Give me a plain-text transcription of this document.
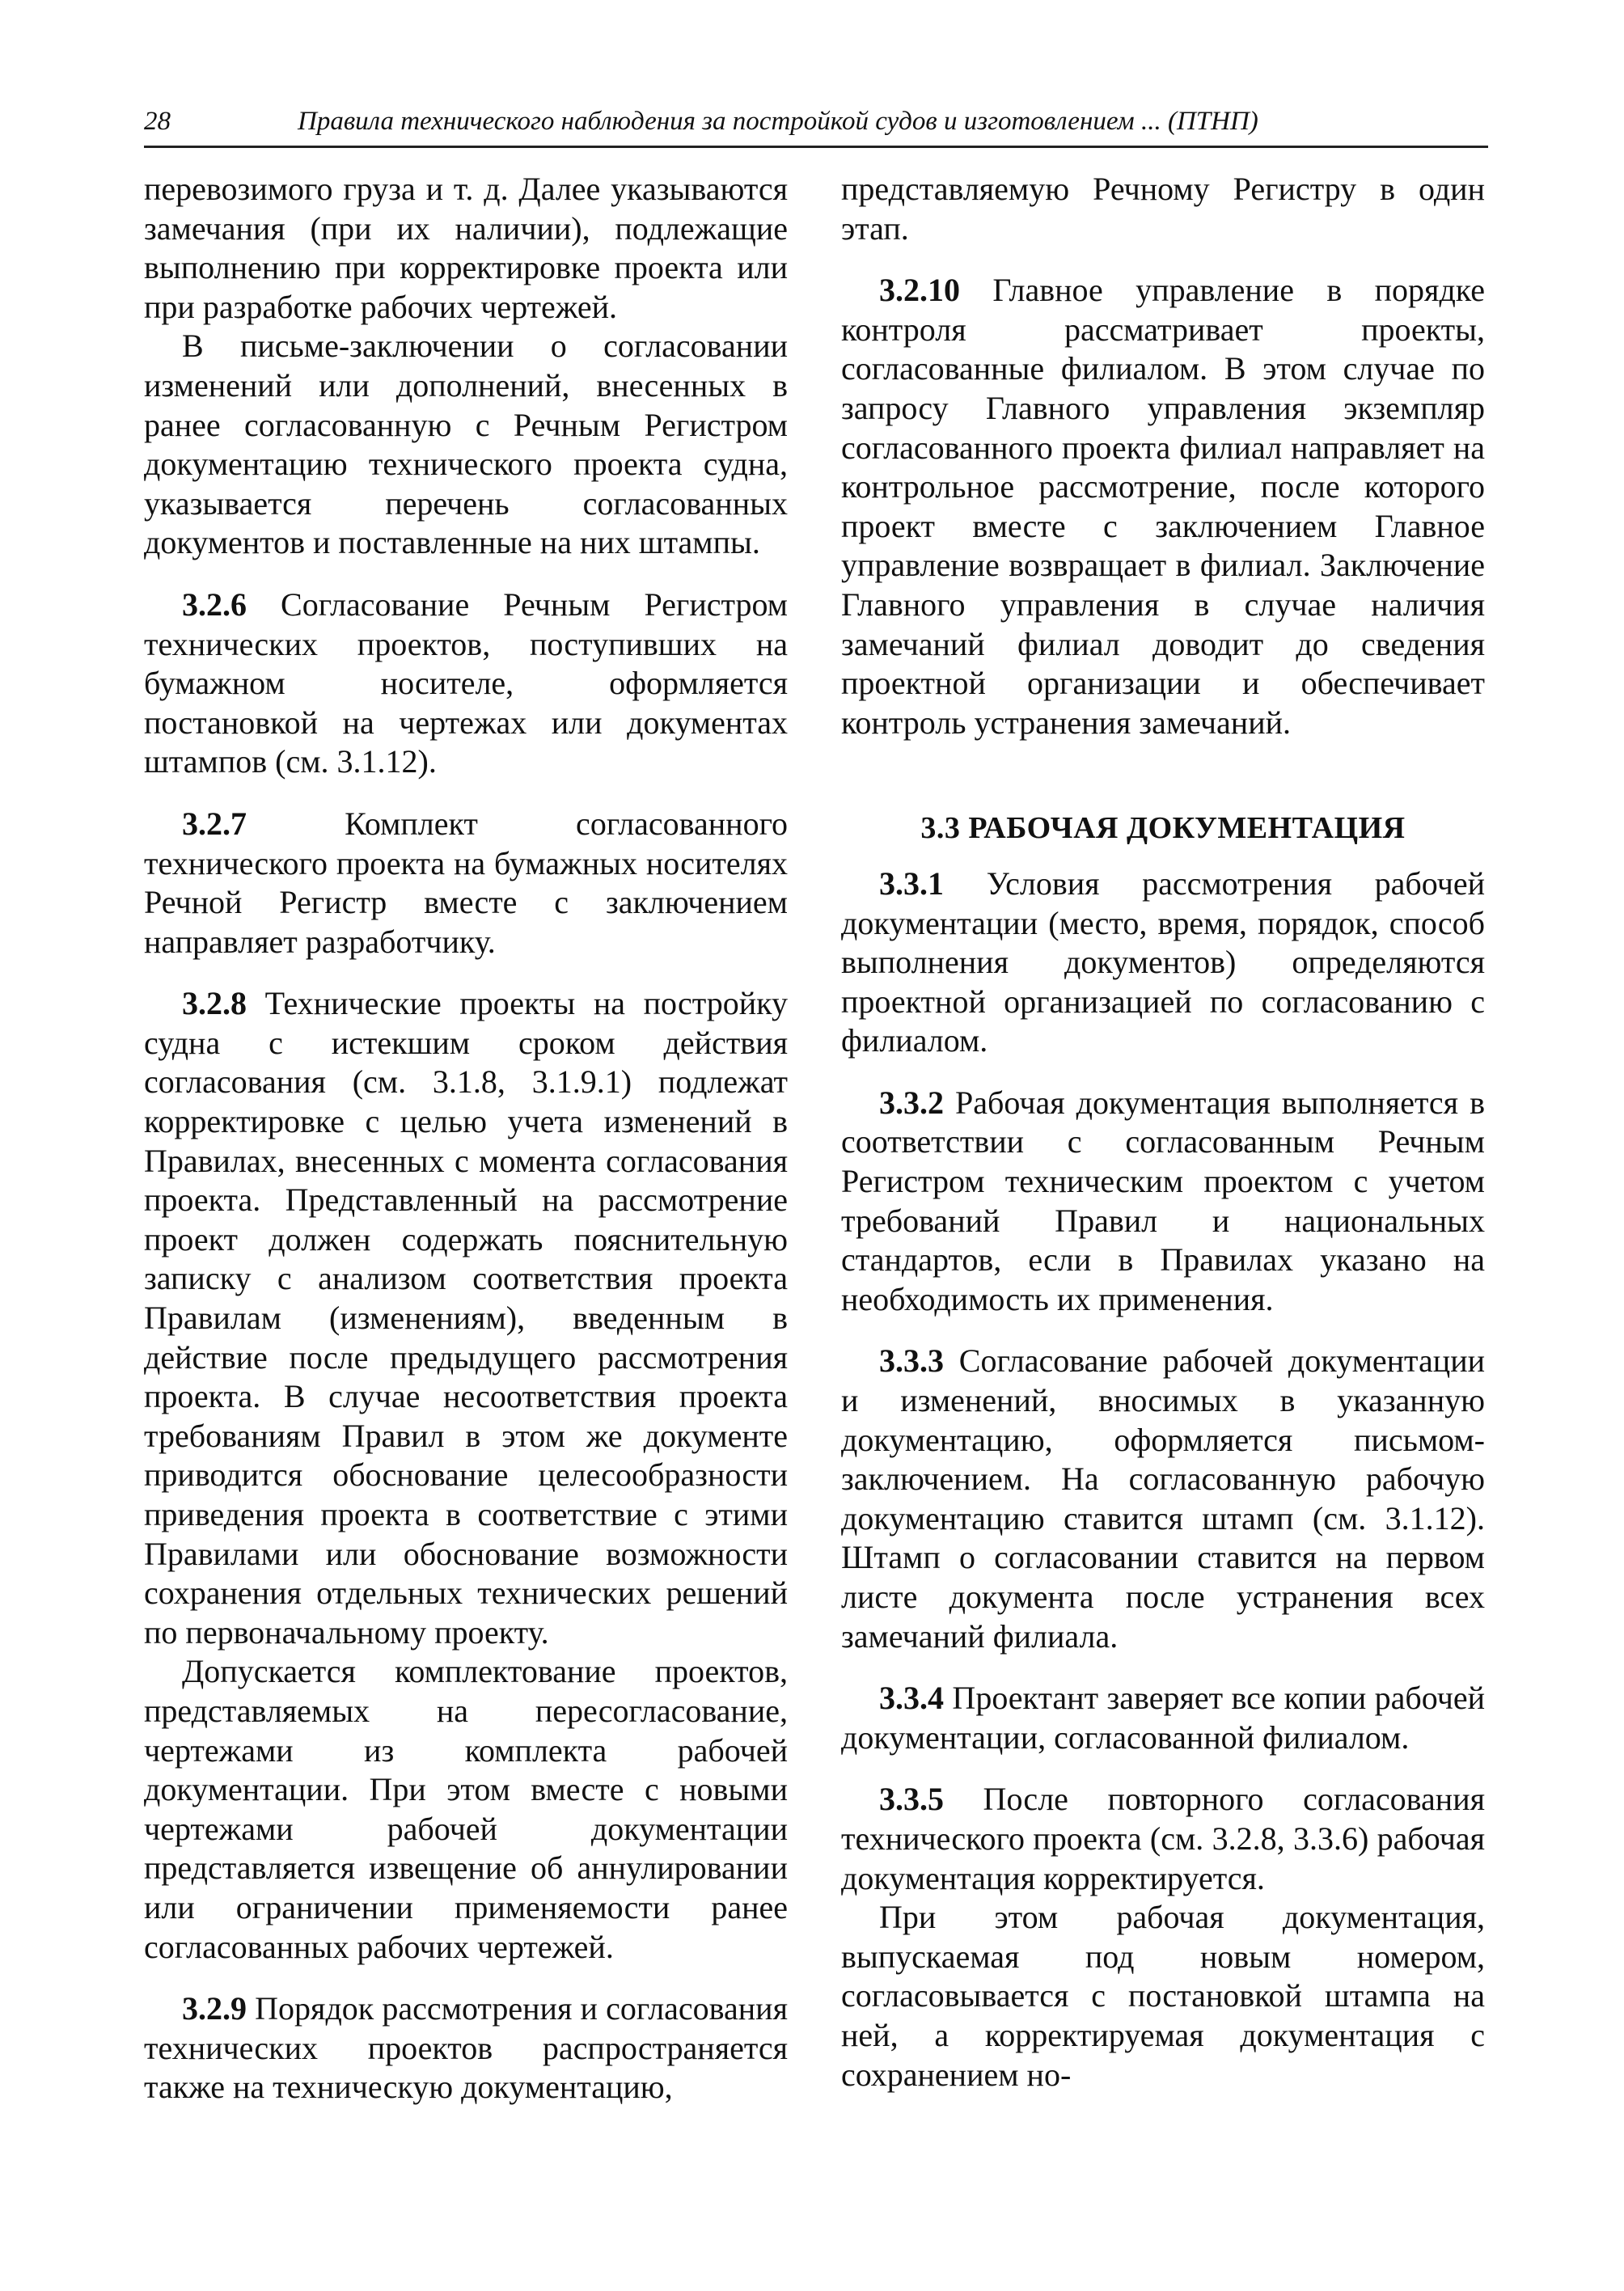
28	Правила технического наблюдения за постройкой судов и изготовлением ... (ПТНП)

перевозимого груза и т. д. Далее указываются замечания (при их наличии), подлежащие выполнению при корректировке проекта или при разработке рабочих чертежей.

В письме-заключении о согласовании изменений или дополнений, внесенных в ранее согласованную с Речным Регистром документацию технического проекта судна, указывается перечень согласованных документов и поставленные на них штампы.

3.2.6 Согласование Речным Регистром технических проектов, поступивших на бумажном носителе, оформляется постановкой на чертежах или документах штампов (см. 3.1.12).

3.2.7 Комплект согласованного технического проекта на бумажных носителях Речной Регистр вместе с заключением направляет разработчику.

3.2.8 Технические проекты на постройку судна с истекшим сроком действия согласования (см. 3.1.8, 3.1.9.1) подлежат корректировке с целью учета изменений в Правилах, внесенных с момента согласования проекта. Представленный на рассмотрение проект должен содержать пояснительную записку с анализом соответствия проекта Правилам (изменениям), введенным в действие после предыдущего рассмотрения проекта. В случае несоответствия проекта требованиям Правил в этом же документе приводится обоснование целесообразности приведения проекта в соответствие с этими Правилами или обоснование возможности сохранения отдельных технических решений по первоначальному проекту.

Допускается комплектование проектов, представляемых на пересогласование, чертежами из комплекта рабочей документации. При этом вместе с новыми чертежами рабочей документации представляется извещение об аннулировании или ограничении применяемости ранее согласованных рабочих чертежей.

3.2.9 Порядок рассмотрения и согласования технических проектов распространяется также на техническую документацию,

представляемую Речному Регистру в один этап.

3.2.10 Главное управление в порядке контроля рассматривает проекты, согласованные филиалом. В этом случае по запросу Главного управления экземпляр согласованного проекта филиал направляет на контрольное рассмотрение, после которого проект вместе с заключением Главное управление возвращает в филиал. Заключение Главного управления в случае наличия замечаний филиал доводит до сведения проектной организации и обеспечивает контроль устранения замечаний.

3.3 РАБОЧАЯ ДОКУМЕНТАЦИЯ

3.3.1 Условия рассмотрения рабочей документации (место, время, порядок, способ выполнения документов) определяются проектной организацией по согласованию с филиалом.

3.3.2 Рабочая документация выполняется в соответствии с согласованным Речным Регистром техническим проектом с учетом требований Правил и национальных стандартов, если в Правилах указано на необходимость их применения.

3.3.3 Согласование рабочей документации и изменений, вносимых в указанную документацию, оформляется письмом-заключением. На согласованную рабочую документацию ставится штамп (см. 3.1.12). Штамп о согласовании ставится на первом листе документа после устранения всех замечаний филиала.

3.3.4 Проектант заверяет все копии рабочей документации, согласованной филиалом.

3.3.5 После повторного согласования технического проекта (см. 3.2.8, 3.3.6) рабочая документация корректируется.

При этом рабочая документация, выпускаемая под новым номером, согласовывается с постановкой штампа на ней, а корректируемая документация с сохранением но-
